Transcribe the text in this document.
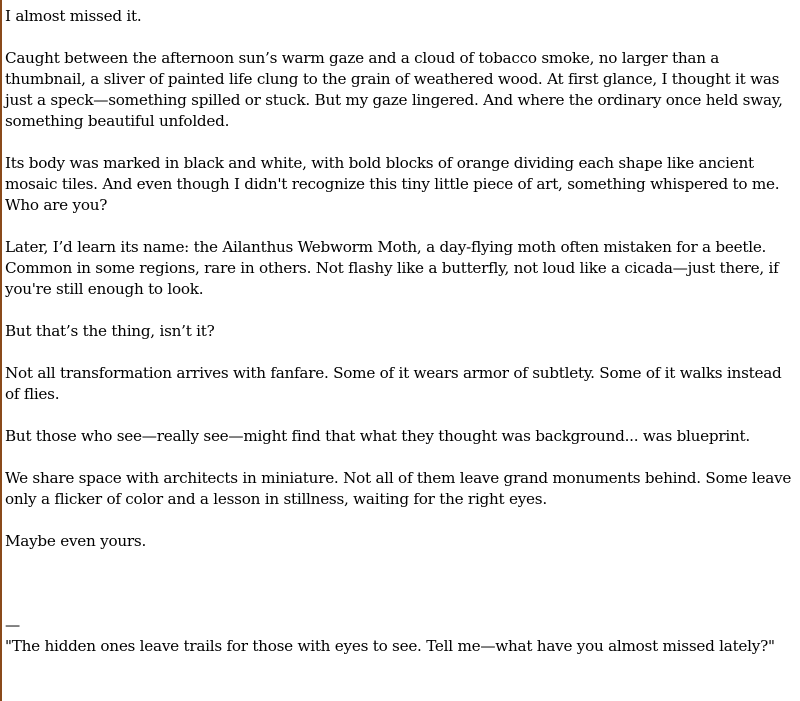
I almost missed it.

Caught between the afternoon sun’s warm gaze and a cloud of tobacco smoke, no larger than a thumbnail, a sliver of painted life clung to the grain of weathered wood. At first glance, I thought it was just a speck—something spilled or stuck. But my gaze lingered. And where the ordinary once held sway, something beautiful unfolded.

Its body was marked in black and white, with bold blocks of orange dividing each shape like ancient mosaic tiles. And even though I didn't recognize this tiny little piece of art, something whispered to me. Who are you?

Later, I’d learn its name: the Ailanthus Webworm Moth, a day-flying moth often mistaken for a beetle. Common in some regions, rare in others. Not flashy like a butterfly, not loud like a cicada—just there, if you're still enough to look.

But that’s the thing, isn’t it?

Not all transformation arrives with fanfare. Some of it wears armor of subtlety. Some of it walks instead of flies.

But those who see—really see—might find that what they thought was background... was blueprint.

We share space with architects in miniature. Not all of them leave grand monuments behind. Some leave only a flicker of color and a lesson in stillness, waiting for the right eyes.

Maybe even yours.

—

"The hidden ones leave trails for those with eyes to see. Tell me—what have you almost missed lately?"
